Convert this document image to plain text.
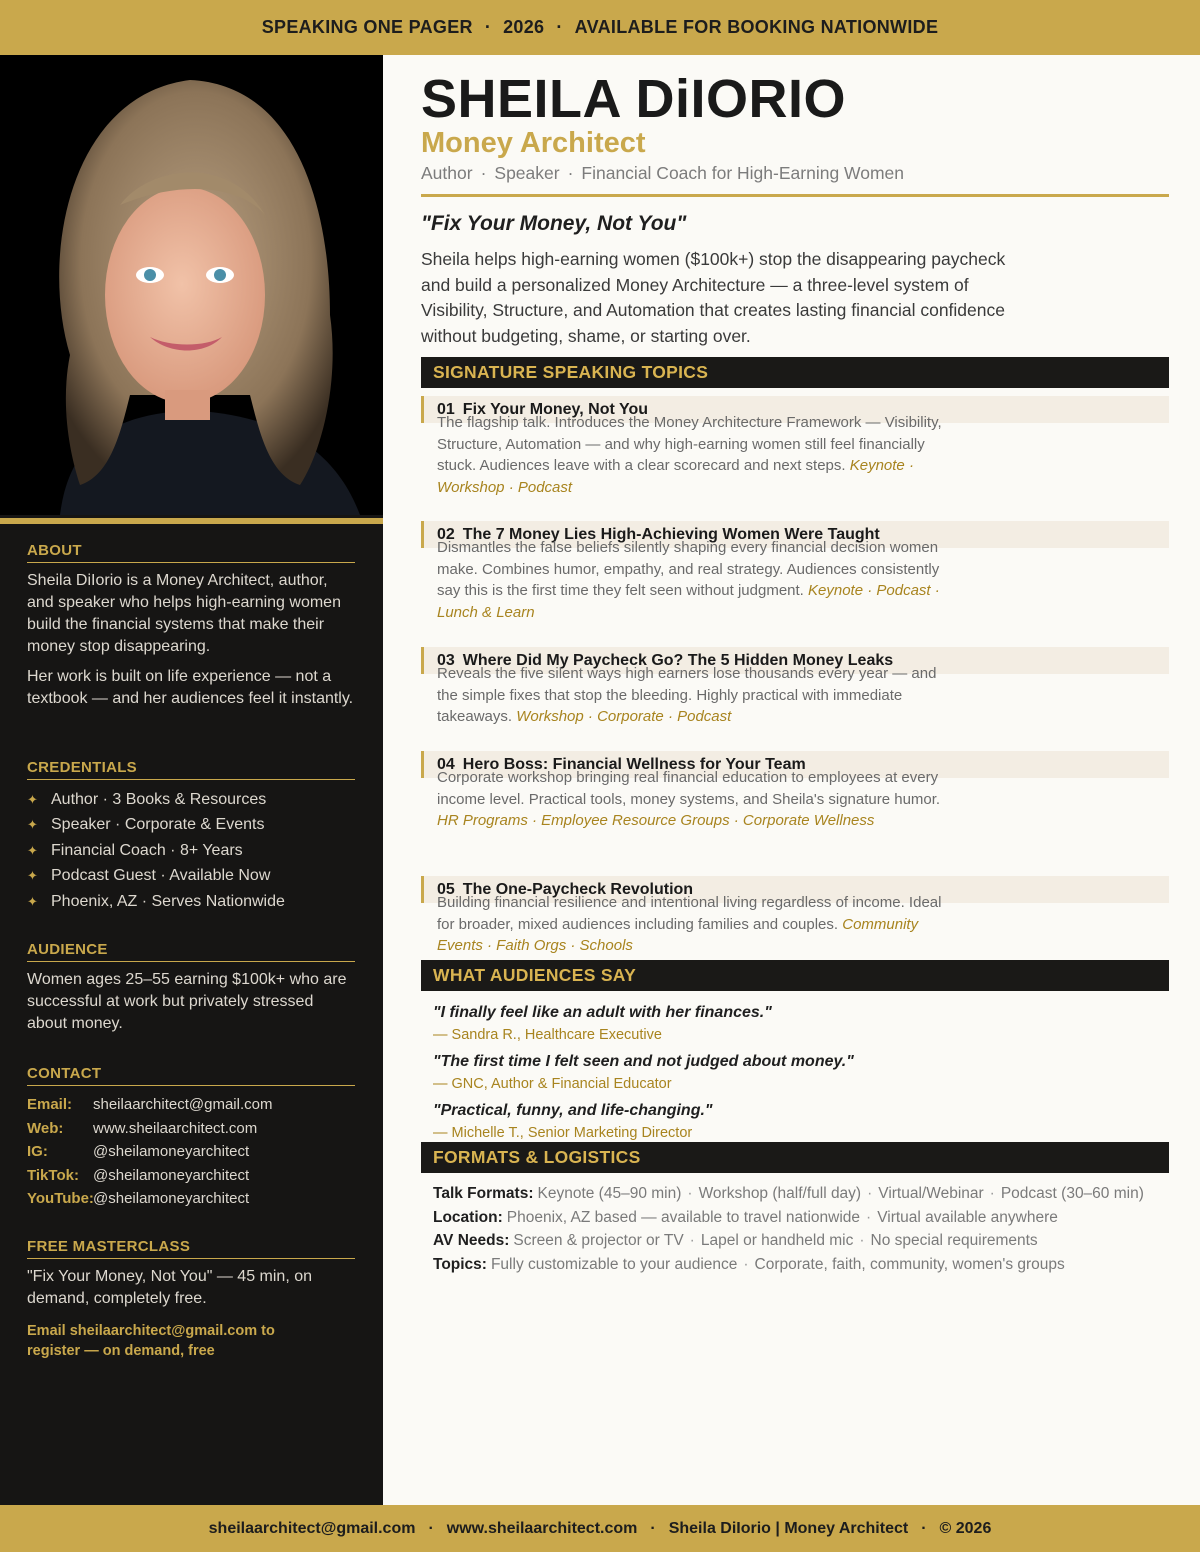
SPEAKING ONE PAGER · 2026 · AVAILABLE FOR BOOKING NATIONWIDE
ABOUT

Sheila DiIorio is a Money Architect, author, and speaker who helps high-earning women build the financial systems that make their money stop disappearing.

Her work is built on life experience — not a textbook — and her audiences feel it instantly.

CREDENTIALS
✦ Author · 3 Books & Resources
✦ Speaker · Corporate & Events
✦ Financial Coach · 8+ Years
✦ Podcast Guest · Available Now
✦ Phoenix, AZ · Serves Nationwide
AUDIENCE

Women ages 25–55 earning $100k+ who are successful at work but privately stressed about money.

CONTACT
Email:	sheilaarchitect@gmail.com
Web:	www.sheilaarchitect.com
IG:	@sheilamoneyarchitect
TikTok: @sheilamoneyarchitect
YouTube: @sheilamoneyarchitect
FREE MASTERCLASS

"Fix Your Money, Not You" — 45 min, on demand, completely free.

Email sheilaarchitect@gmail.com to register — on demand, free

SHEILA DiIORIO
Money Architect
Author · Speaker · Financial Coach for High-Earning Women
"Fix Your Money, Not You"

Sheila helps high-earning women ($100k+) stop the disappearing paycheck and build a personalized Money Architecture — a three-level system of Visibility, Structure, and Automation that creates lasting financial confidence without budgeting, shame, or starting over.

SIGNATURE SPEAKING TOPICS
01 Fix Your Money, Not You
The flagship talk. Introduces the Money Architecture Framework — Visibility, Structure, Automation — and why high-earning women still feel financially stuck. Audiences leave with a clear scorecard and next steps. Keynote · Workshop · Podcast
02 The 7 Money Lies High-Achieving Women Were Taught
Dismantles the false beliefs silently shaping every financial decision women make. Combines humor, empathy, and real strategy. Audiences consistently say this is the first time they felt seen without judgment. Keynote · Podcast · Lunch & Learn
03 Where Did My Paycheck Go? The 5 Hidden Money Leaks
Reveals the five silent ways high earners lose thousands every year — and the simple fixes that stop the bleeding. Highly practical with immediate takeaways. Workshop · Corporate · Podcast
04 Hero Boss: Financial Wellness for Your Team
Corporate workshop bringing real financial education to employees at every income level. Practical tools, money systems, and Sheila's signature humor. HR Programs · Employee Resource Groups · Corporate Wellness
05 The One-Paycheck Revolution
Building financial resilience and intentional living regardless of income. Ideal for broader, mixed audiences including families and couples. Community Events · Faith Orgs · Schools
WHAT AUDIENCES SAY
"I finally feel like an adult with her finances."
— Sandra R., Healthcare Executive
"The first time I felt seen and not judged about money."
— GNC, Author & Financial Educator
"Practical, funny, and life-changing."
— Michelle T., Senior Marketing Director
FORMATS & LOGISTICS
Talk Formats: Keynote (45–90 min) · Workshop (half/full day) · Virtual/Webinar · Podcast (30–60 min)
Location: Phoenix, AZ based — available to travel nationwide · Virtual available anywhere
AV Needs: Screen & projector or TV · Lapel or handheld mic · No special requirements
Topics: Fully customizable to your audience · Corporate, faith, community, women's groups
sheilaarchitect@gmail.com · www.sheilaarchitect.com · Sheila DiIorio | Money Architect · © 2026
